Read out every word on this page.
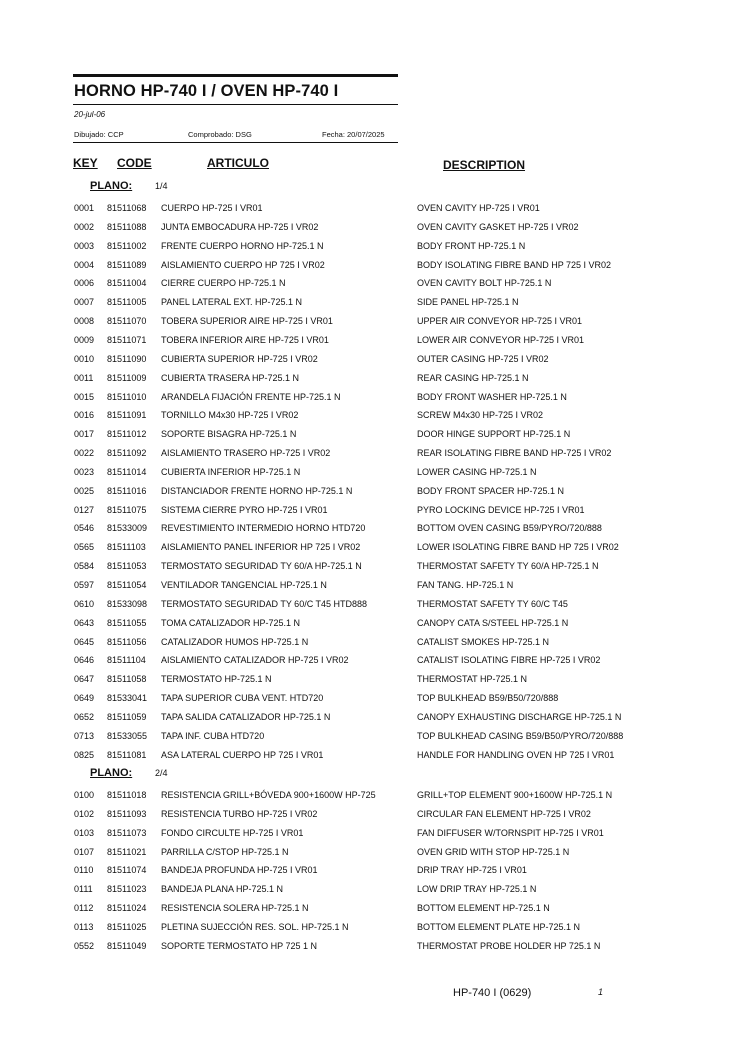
HORNO HP-740 I / OVEN HP-740 I
20-jul-06
Dibujado: CCP	Comprobado: DSG	Fecha: 20/07/2025
KEY CODE	ARTICULO	DESCRIPTION
PLANO:	1/4
0001 81511068 CUERPO HP-725 I VR01	OVEN CAVITY HP-725 I VR01
0002 81511088 JUNTA EMBOCADURA HP-725 I VR02	OVEN CAVITY GASKET HP-725 I VR02
0003 81511002 FRENTE CUERPO HORNO HP-725.1 N	BODY FRONT HP-725.1 N
0004 81511089 AISLAMIENTO CUERPO HP 725 I VR02	BODY ISOLATING FIBRE BAND HP 725 I VR02
0006 81511004 CIERRE CUERPO HP-725.1 N	OVEN CAVITY BOLT HP-725.1 N
0007 81511005 PANEL LATERAL EXT. HP-725.1 N	SIDE PANEL HP-725.1 N
0008 81511070 TOBERA SUPERIOR AIRE HP-725 I VR01	UPPER AIR CONVEYOR HP-725 I VR01
0009 81511071 TOBERA INFERIOR AIRE HP-725 I VR01	LOWER AIR CONVEYOR HP-725 I VR01
0010 81511090 CUBIERTA SUPERIOR HP-725 I VR02	OUTER CASING HP-725 I VR02
0011 81511009 CUBIERTA TRASERA HP-725.1 N	REAR CASING HP-725.1 N
0015 81511010 ARANDELA FIJACIÓN FRENTE HP-725.1 N	BODY FRONT WASHER HP-725.1 N
0016 81511091 TORNILLO M4x30 HP-725 I VR02	SCREW M4x30 HP-725 I VR02
0017 81511012 SOPORTE BISAGRA HP-725.1 N	DOOR HINGE SUPPORT HP-725.1 N
0022 81511092 AISLAMIENTO TRASERO HP-725 I VR02	REAR ISOLATING FIBRE BAND HP-725 I VR02
0023 81511014 CUBIERTA INFERIOR HP-725.1 N	LOWER CASING HP-725.1 N
0025 81511016 DISTANCIADOR FRENTE HORNO HP-725.1 N	BODY FRONT SPACER HP-725.1 N
0127 81511075 SISTEMA CIERRE PYRO HP-725 I VR01	PYRO LOCKING DEVICE HP-725 I VR01
0546 81533009 REVESTIMIENTO INTERMEDIO HORNO HTD720	BOTTOM OVEN CASING B59/PYRO/720/888
0565 81511103 AISLAMIENTO PANEL INFERIOR HP 725 I VR02	LOWER ISOLATING FIBRE BAND HP 725 I VR02
0584 81511053 TERMOSTATO SEGURIDAD TY 60/A HP-725.1 N	THERMOSTAT SAFETY TY 60/A HP-725.1 N
0597 81511054 VENTILADOR TANGENCIAL HP-725.1 N	FAN TANG. HP-725.1 N
0610 81533098 TERMOSTATO SEGURIDAD TY 60/C T45 HTD888	THERMOSTAT SAFETY TY 60/C T45
0643 81511055 TOMA CATALIZADOR HP-725.1 N	CANOPY CATA S/STEEL HP-725.1 N
0645 81511056 CATALIZADOR HUMOS HP-725.1 N	CATALIST SMOKES HP-725.1 N
0646 81511104 AISLAMIENTO CATALIZADOR HP-725 I VR02	CATALIST ISOLATING FIBRE HP-725 I VR02
0647 81511058 TERMOSTATO HP-725.1 N	THERMOSTAT HP-725.1 N
0649 81533041 TAPA SUPERIOR CUBA VENT. HTD720	TOP BULKHEAD B59/B50/720/888
0652 81511059 TAPA SALIDA CATALIZADOR HP-725.1 N	CANOPY EXHAUSTING DISCHARGE HP-725.1 N
0713 81533055 TAPA INF. CUBA HTD720	TOP BULKHEAD CASING B59/B50/PYRO/720/888
0825 81511081 ASA LATERAL CUERPO HP 725 I VR01	HANDLE FOR HANDLING OVEN HP 725 I VR01
PLANO:	2/4
0100 81511018 RESISTENCIA GRILL+BÓVEDA 900+1600W HP-725	GRILL+TOP ELEMENT 900+1600W HP-725.1 N
0102 81511093 RESISTENCIA TURBO HP-725 I VR02	CIRCULAR FAN ELEMENT HP-725 I VR02
0103 81511073 FONDO CIRCULTE HP-725 I VR01	FAN DIFFUSER W/TORNSPIT HP-725 I VR01
0107 81511021 PARRILLA C/STOP HP-725.1 N	OVEN GRID WITH STOP HP-725.1 N
0110 81511074 BANDEJA PROFUNDA HP-725 I VR01	DRIP TRAY HP-725 I VR01
0111 81511023 BANDEJA PLANA HP-725.1 N	LOW DRIP TRAY HP-725.1 N
0112 81511024 RESISTENCIA SOLERA HP-725.1 N	BOTTOM ELEMENT HP-725.1 N
0113 81511025 PLETINA SUJECCIÓN RES. SOL. HP-725.1 N	BOTTOM ELEMENT PLATE HP-725.1 N
0552 81511049 SOPORTE TERMOSTATO HP 725 1 N	THERMOSTAT PROBE HOLDER HP 725.1 N
HP-740 I (0629)	1
